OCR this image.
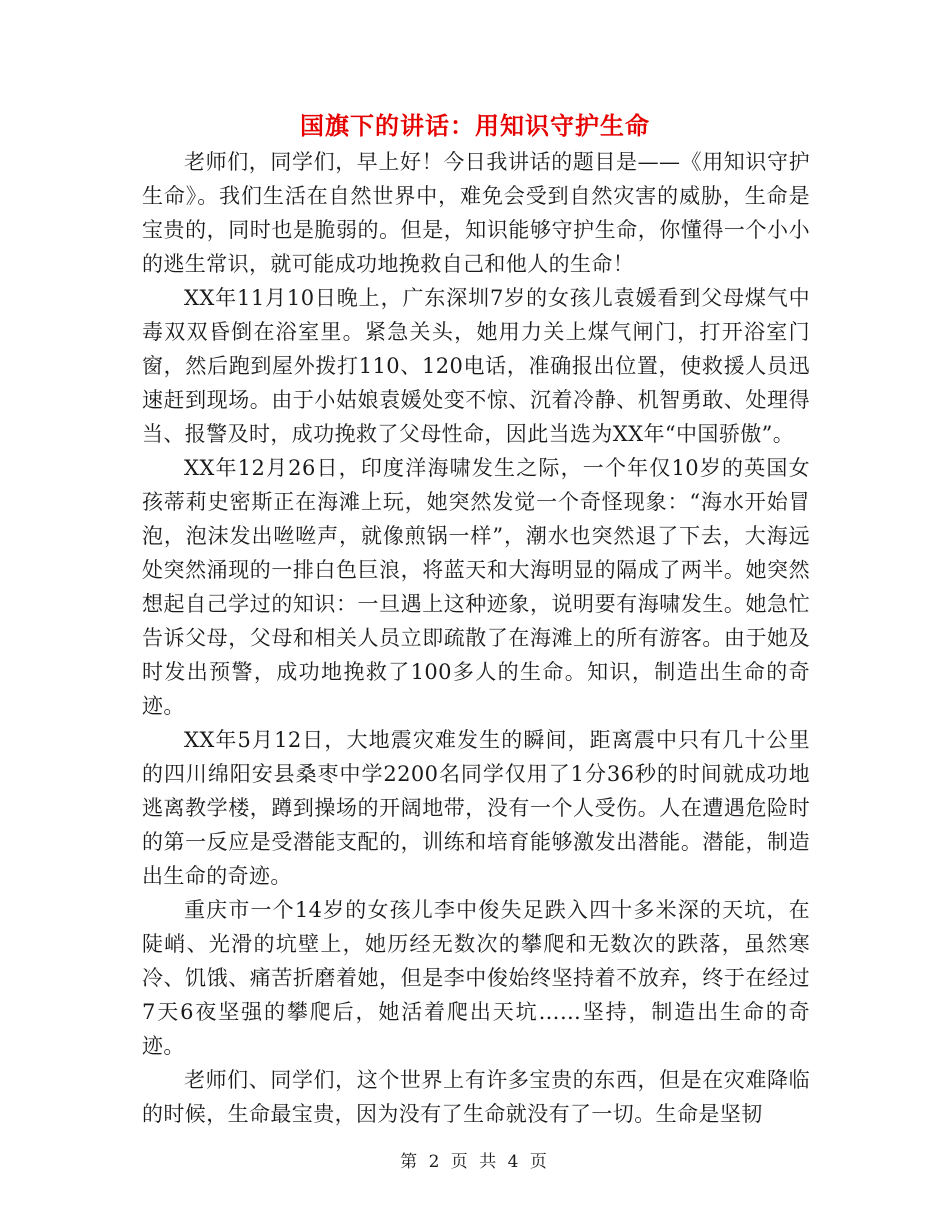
国旗下的讲话：用知识守护生命

老师们，同学们，早上好！今日我讲话的题目是——《用知识守护生命》。我们生活在自然世界中，难免会受到自然灾害的威胁，生命是宝贵的，同时也是脆弱的。但是，知识能够守护生命，你懂得一个小小的逃生常识，就可能成功地挽救自己和他人的生命！

XX年11月10日晚上，广东深圳7岁的女孩儿袁媛看到父母煤气中毒双双昏倒在浴室里。紧急关头，她用力关上煤气闸门，打开浴室门窗，然后跑到屋外拨打110、120电话，准确报出位置，使救援人员迅速赶到现场。由于小姑娘袁媛处变不惊、沉着冷静、机智勇敢、处理得当、报警及时，成功挽救了父母性命，因此当选为XX年“中国骄傲”。

XX年12月26日，印度洋海啸发生之际，一个年仅10岁的英国女孩蒂莉史密斯正在海滩上玩，她突然发觉一个奇怪现象：“海水开始冒泡，泡沫发出咝咝声，就像煎锅一样”，潮水也突然退了下去，大海远处突然涌现的一排白色巨浪，将蓝天和大海明显的隔成了两半。她突然想起自己学过的知识：一旦遇上这种迹象，说明要有海啸发生。她急忙告诉父母，父母和相关人员立即疏散了在海滩上的所有游客。由于她及时发出预警，成功地挽救了100多人的生命。知识，制造出生命的奇迹。

XX年5月12日，大地震灾难发生的瞬间，距离震中只有几十公里的四川绵阳安县桑枣中学2200名同学仅用了1分36秒的时间就成功地逃离教学楼，蹲到操场的开阔地带，没有一个人受伤。人在遭遇危险时的第一反应是受潜能支配的，训练和培育能够激发出潜能。潜能，制造出生命的奇迹。

重庆市一个14岁的女孩儿李中俊失足跌入四十多米深的天坑，在陡峭、光滑的坑壁上，她历经无数次的攀爬和无数次的跌落，虽然寒冷、饥饿、痛苦折磨着她，但是李中俊始终坚持着不放弃，终于在经过7天6夜坚强的攀爬后，她活着爬出天坑……坚持，制造出生命的奇迹。

老师们、同学们，这个世界上有许多宝贵的东西，但是在灾难降临的时候，生命最宝贵，因为没有了生命就没有了一切。生命是坚韧

第 2 页 共 4 页
